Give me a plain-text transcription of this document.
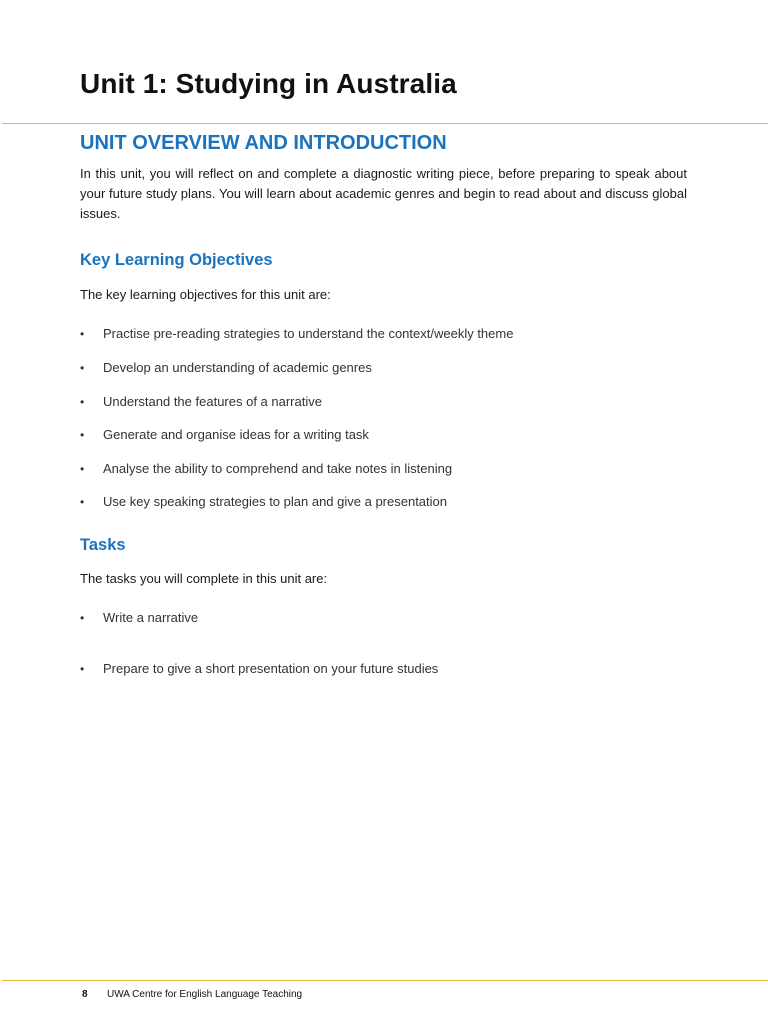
Unit 1: Studying in Australia
UNIT OVERVIEW AND INTRODUCTION

In this unit, you will reflect on and complete a diagnostic writing piece, before preparing to speak about your future study plans. You will learn about academic genres and begin to read about and discuss global issues.

Key Learning Objectives

The key learning objectives for this unit are:

•	Practise pre-reading strategies to understand the context/weekly theme
•	Develop an understanding of academic genres
•	Understand the features of a narrative
•	Generate and organise ideas for a writing task
•	Analyse the ability to comprehend and take notes in listening
•	Use key speaking strategies to plan and give a presentation
Tasks

The tasks you will complete in this unit are:

•	Write a narrative
•	Prepare to give a short presentation on your future studies
8 UWA Centre for English Language Teaching
